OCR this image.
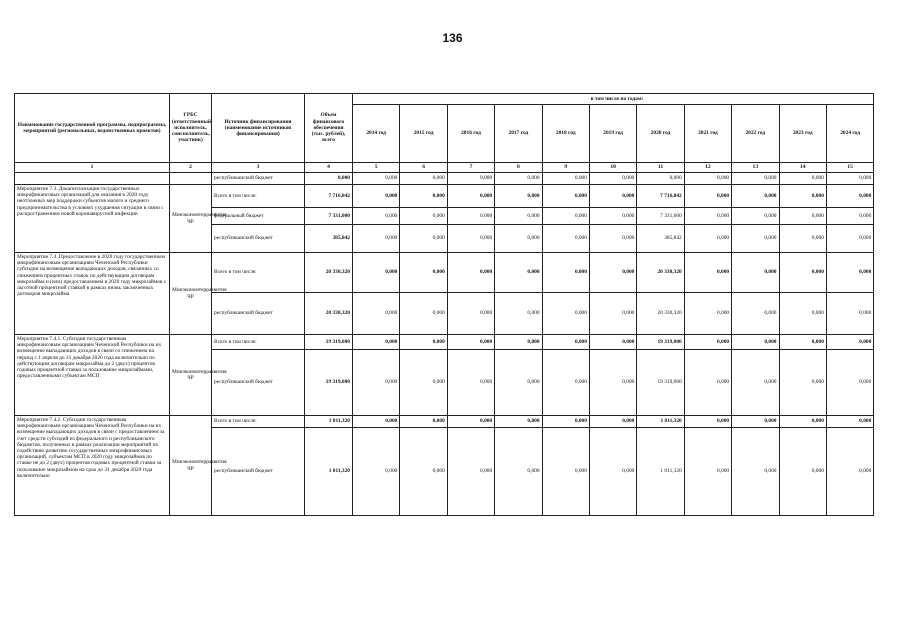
136
Наименование государственной программы, подпрограммы, мероприятий (региональных, ведомственных проектов)	ГРБС (ответственный исполнитель, соисполнитель, участник)	Источник финансирования (наименование источников финансирования)	Объем финансового обеспечения (тыс. рублей), всего	в том числе по годам:										
				2014 год	2015 год	2016 год	2017 год	2018 год	2019 год	2020 год	2021 год	2022 год	2023 год	2024 год
1	2	3	4	5	6	7	8	9	10	11	12	13	14	15
		республиканский бюджет	0,000	0,000	0,000	0,000	0,000	0,000	0,000	0,000	0,000	0,000	0,000	0,000
Мероприятие 7.3. Докапитализация государственных микрофинансовых организаций для оказания в 2020 году неотложных мер поддержки субъектов малого и среднего предпринимательства в условиях ухудшения ситуации в связи с распространением новой коронавирусной инфекции	Минэкономтерразвития ЧР	Всего в том числе:	7 716,842	0,000	0,000	0,000	0,000	0,000	0,000	7 716,842	0,000	0,000	0,000	0,000
		федеральный бюджет	7 331,000	0,000	0,000	0,000	0,000	0,000	0,000	7 331,000	0,000	0,000	0,000	0,000
		республиканский бюджет	385,842	0,000	0,000	0,000	0,000	0,000	0,000	385,842	0,000	0,000	0,000	0,000
Мероприятие 7.4. Предоставление в 2020 году государственным микрофинансовым организациям Чеченской Республики субсидии на возмещение выпадающих доходов, связанных со снижением процентных ставок по действующим договорам микрозайма и (или) предоставлением в 2020 году микрозаймов с льготной процентной ставкой в рамках вновь заключенных договоров микрозайма	Минэкономтерразвития ЧР	Всего в том числе:	20 330,320	0,000	0,000	0,000	0,000	0,000	0,000	20 330,320	0,000	0,000	0,000	0,000
		республиканский бюджет	20 330,320	0,000	0,000	0,000	0,000	0,000	0,000	20 330,320	0,000	0,000	0,000	0,000
Мероприятие 7.4.1. Субсидия государственным микрофинансовым организациям Чеченской Республики на их возмещение выпадающих доходов в связи со снижением на период с 1 апреля до 31 декабря 2020 года включительно по действующим договорам микрозайма до 2 (двух) процентов годовых процентной ставки за пользование микрозаймами, предоставленными субъектам МСП	Минэкономтерразвития ЧР	Всего в том числе:	19 319,000	0,000	0,000	0,000	0,000	0,000	0,000	19 319,000	0,000	0,000	0,000	0,000
		республиканский бюджет	19 319,000	0,000	0,000	0,000	0,000	0,000	0,000	19 319,000	0,000	0,000	0,000	0,000
Мероприятие 7.4.2. Субсидия государственным микрофинансовым организациям Чеченской Республики на их возмещение выпадающих доходов в связи с предоставлением за счет средств субсидий из федерального и республиканского бюджетов, полученных в рамках реализации мероприятий по содействию развитию государственных микрофинансовых организаций, субъектам МСП в 2020 году микрозаймов по ставке не до 2 (двух) процентов годовых процентной ставки за пользование микрозаймом на срок до 31 декабря 2020 года включительно	Минэкономтерразвития ЧР	Всего в том числе:	1 011,320	0,000	0,000	0,000	0,000	0,000	0,000	1 011,320	0,000	0,000	0,000	0,000
		республиканский бюджет	1 011,320	0,000	0,000	0,000	0,000	0,000	0,000	1 011,320	0,000	0,000	0,000	0,000
